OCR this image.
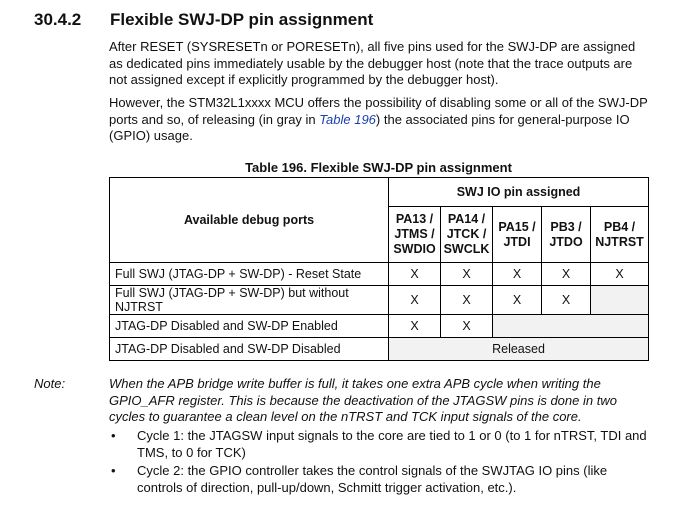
30.4.2 Flexible SWJ-DP pin assignment
After RESET (SYSRESETn or PORESETn), all five pins used for the SWJ-DP are assigned as dedicated pins immediately usable by the debugger host (note that the trace outputs are not assigned except if explicitly programmed by the debugger host).
However, the STM32L1xxxx MCU offers the possibility of disabling some or all of the SWJ-DP ports and so, of releasing (in gray in Table 196) the associated pins for general-purpose IO (GPIO) usage.
Table 196. Flexible SWJ-DP pin assignment
Available debug ports	SWJ IO pin assigned				
	PA13 /
JTMS /
SWDIO	PA14 /
JTCK /
SWCLK	PA15 /
JTDI	PB3 /
JTDO	PB4 /
NJTRST
Full SWJ (JTAG-DP + SW-DP) - Reset State	X	X	X	X	X
Full SWJ (JTAG-DP + SW-DP) but without NJTRST	X	X	X	X	
JTAG-DP Disabled and SW-DP Enabled	X	X			
JTAG-DP Disabled and SW-DP Disabled	Released				
Note:	When the APB bridge write buffer is full, it takes one extra APB cycle when writing the GPIO_AFR register. This is because the deactivation of the JTAGSW pins is done in two cycles to guarantee a clean level on the nTRST and TCK input signals of the core.
• Cycle 1: the JTAGSW input signals to the core are tied to 1 or 0 (to 1 for nTRST, TDI and TMS, to 0 for TCK)
• Cycle 2: the GPIO controller takes the control signals of the SWJTAG IO pins (like controls of direction, pull-up/down, Schmitt trigger activation, etc.).
